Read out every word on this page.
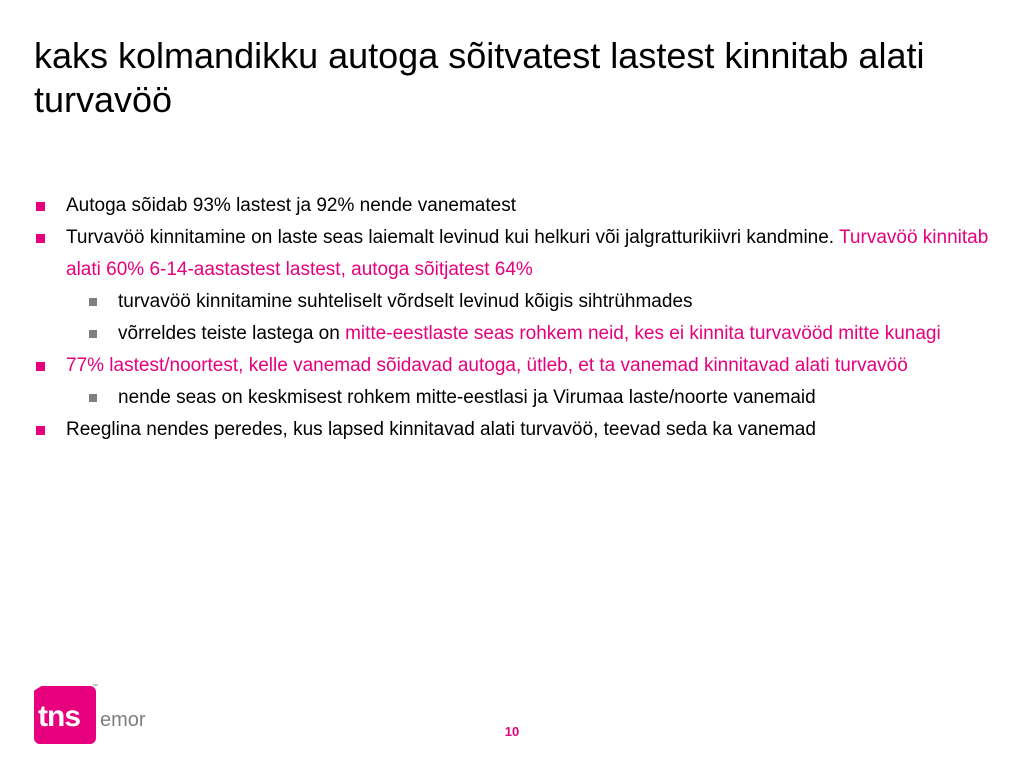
kaks kolmandikku autoga sõitvatest lastest kinnitab alati turvavöö
Autoga sõidab 93% lastest ja 92% nende vanematest
Turvavöö kinnitamine on laste seas laiemalt levinud kui helkuri või jalgratturikiivri kandmine. Turvavöö kinnitab alati 60% 6-14-aastastest lastest, autoga sõitjatest 64%
turvavöö kinnitamine suhteliselt võrdselt levinud kõigis sihtrühmades
võrreldes teiste lastega on mitte-eestlaste seas rohkem neid, kes ei kinnita turvavööd mitte kunagi
77% lastest/noortest, kelle vanemad sõidavad autoga, ütleb, et ta vanemad kinnitavad alati turvavöö
nende seas on keskmisest rohkem mitte-eestlasi ja Virumaa laste/noorte vanemaid
Reeglina nendes peredes, kus lapsed kinnitavad alati turvavöö, teevad seda ka vanemad
tns
™
emor
10
